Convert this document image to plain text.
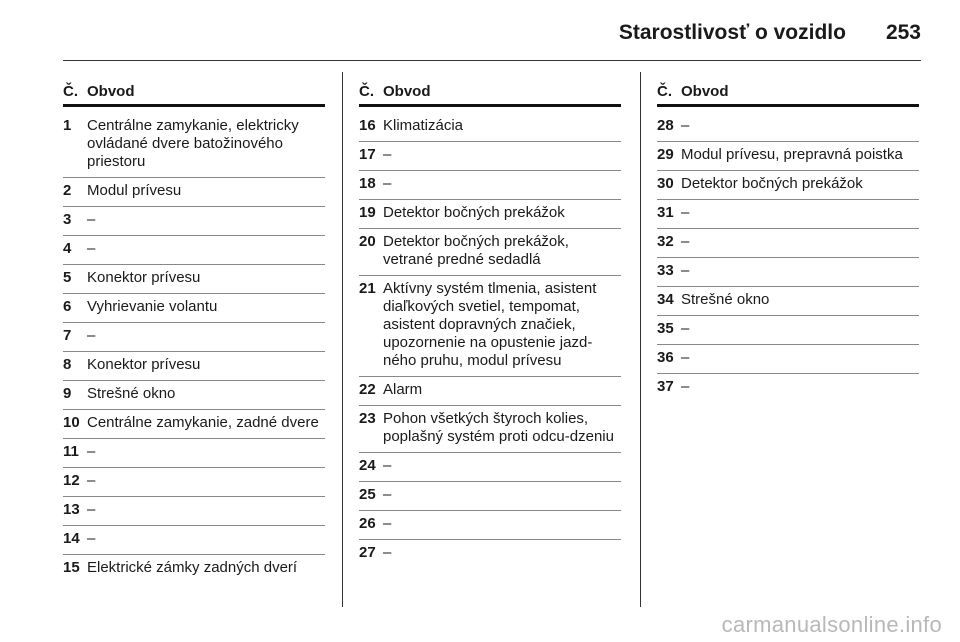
Starostlivosť o vozidlo 253
Č. Obvod
1	Centrálne zamykanie, elektricky ovládané dvere batožinového priestoru
2	Modul prívesu
3	–
4	–
5	Konektor prívesu
6	Vyhrievanie volantu
7	–
8	Konektor prívesu
9	Strešné okno
10 Centrálne zamykanie, zadné dvere
11 –
12 –
13 –
14 –
15 Elektrické zámky zadných dverí
Č. Obvod
16 Klimatizácia
17 –
18 –
19 Detektor bočných prekážok
20 Detektor bočných prekážok, vetrané predné sedadlá
21 Aktívny systém tlmenia, asistent diaľkových svetiel, tempomat, asistent dopravných značiek, upozornenie na opustenie jazd-ného pruhu, modul prívesu
22 Alarm
23 Pohon všetkých štyroch kolies, poplašný systém proti odcu-dzeniu
24 –
25 –
26 –
27 –
Č. Obvod
28 –
29 Modul prívesu, prepravná poistka
30 Detektor bočných prekážok
31 –
32 –
33 –
34 Strešné okno
35 –
36 –
37 –
carmanualsonline.info
